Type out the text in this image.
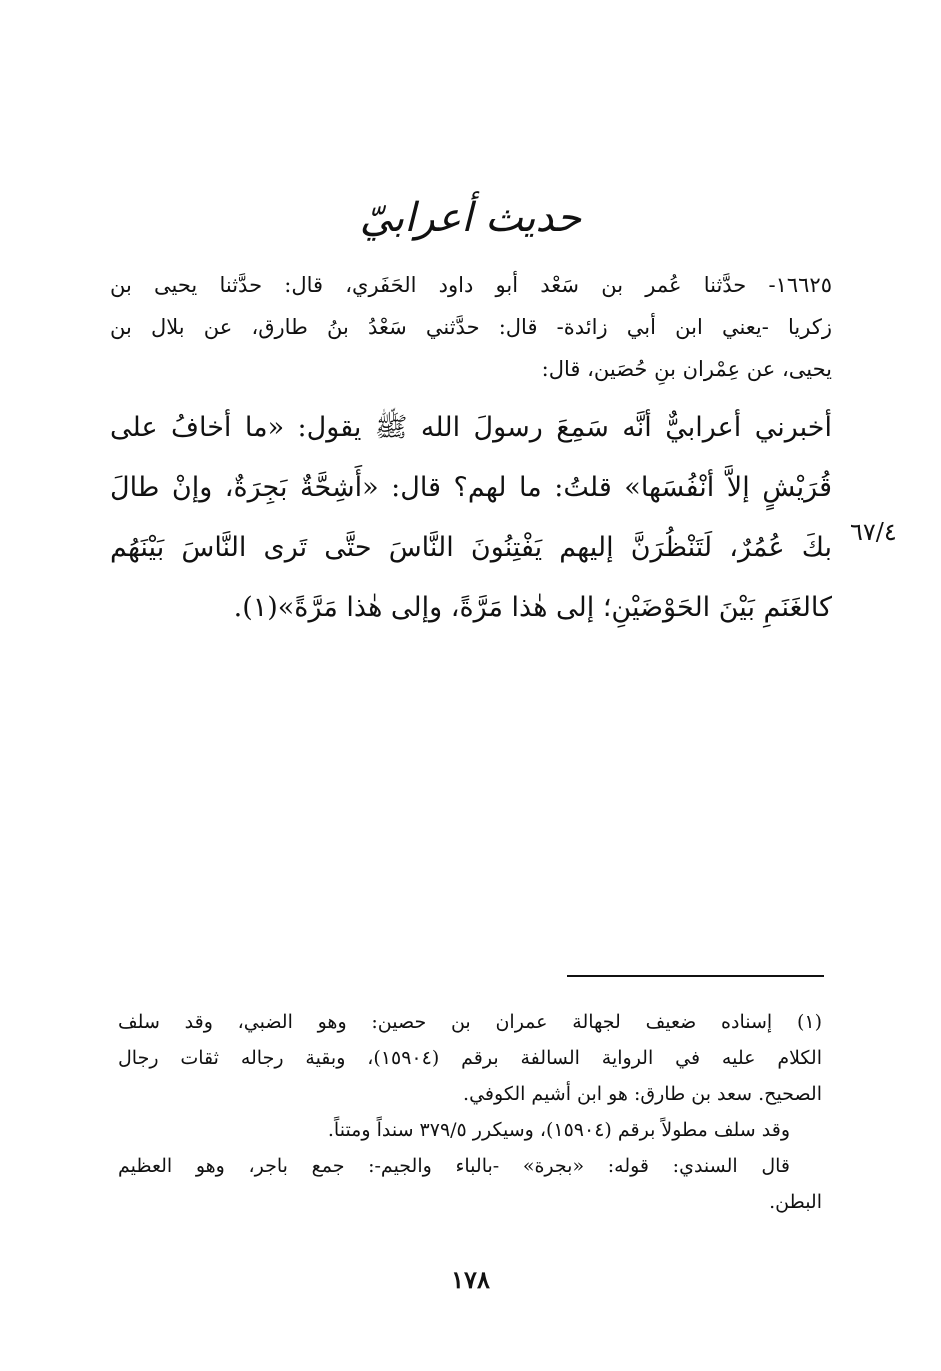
حديث أعرابيّ
١٦٦٢٥- حدَّثنا عُمر بن سَعْد أبو داود الحَفَري، قال: حدَّثنا يحيى بن
زكريا -يعني ابن أبي زائدة- قال: حدَّثني سَعْدُ بنُ طارق، عن بلال بن
يحيى، عن عِمْران بنِ حُصَين، قال:
أخبرني أعرابيٌّ أنَّه سَمِعَ رسولَ الله ﷺ يقول: «ما أخافُ على
قُرَيْشٍ إلاَّ أنْفُسَها» قلتُ: ما لهم؟ قال: «أَشِحَّةٌ بَجِرَةٌ، وإنْ طالَ
بكَ عُمُرٌ، لَتَنْظُرَنَّ إليهم يَفْتِنُونَ النَّاسَ حتَّى تَرى النَّاسَ بَيْنَهُم
كالغَنَمِ بَيْنَ الحَوْضَيْنِ؛ إلى هٰذا مَرَّةً، وإلى هٰذا مَرَّةً»(١).
٦٧/٤
(١) إسناده ضعيف لجهالة عمران بن حصين: وهو الضبي، وقد سلف
الكلام عليه في الرواية السالفة برقم (١٥٩٠٤)، وبقية رجاله ثقات رجال
الصحيح. سعد بن طارق: هو ابن أشيم الكوفي.
وقد سلف مطولاً برقم (١٥٩٠٤)، وسيكرر ٣٧٩/٥ سنداً ومتناً.
قال السندي: قوله: «بجرة» -بالباء والجيم-: جمع باجر، وهو العظيم
البطن.
١٧٨
